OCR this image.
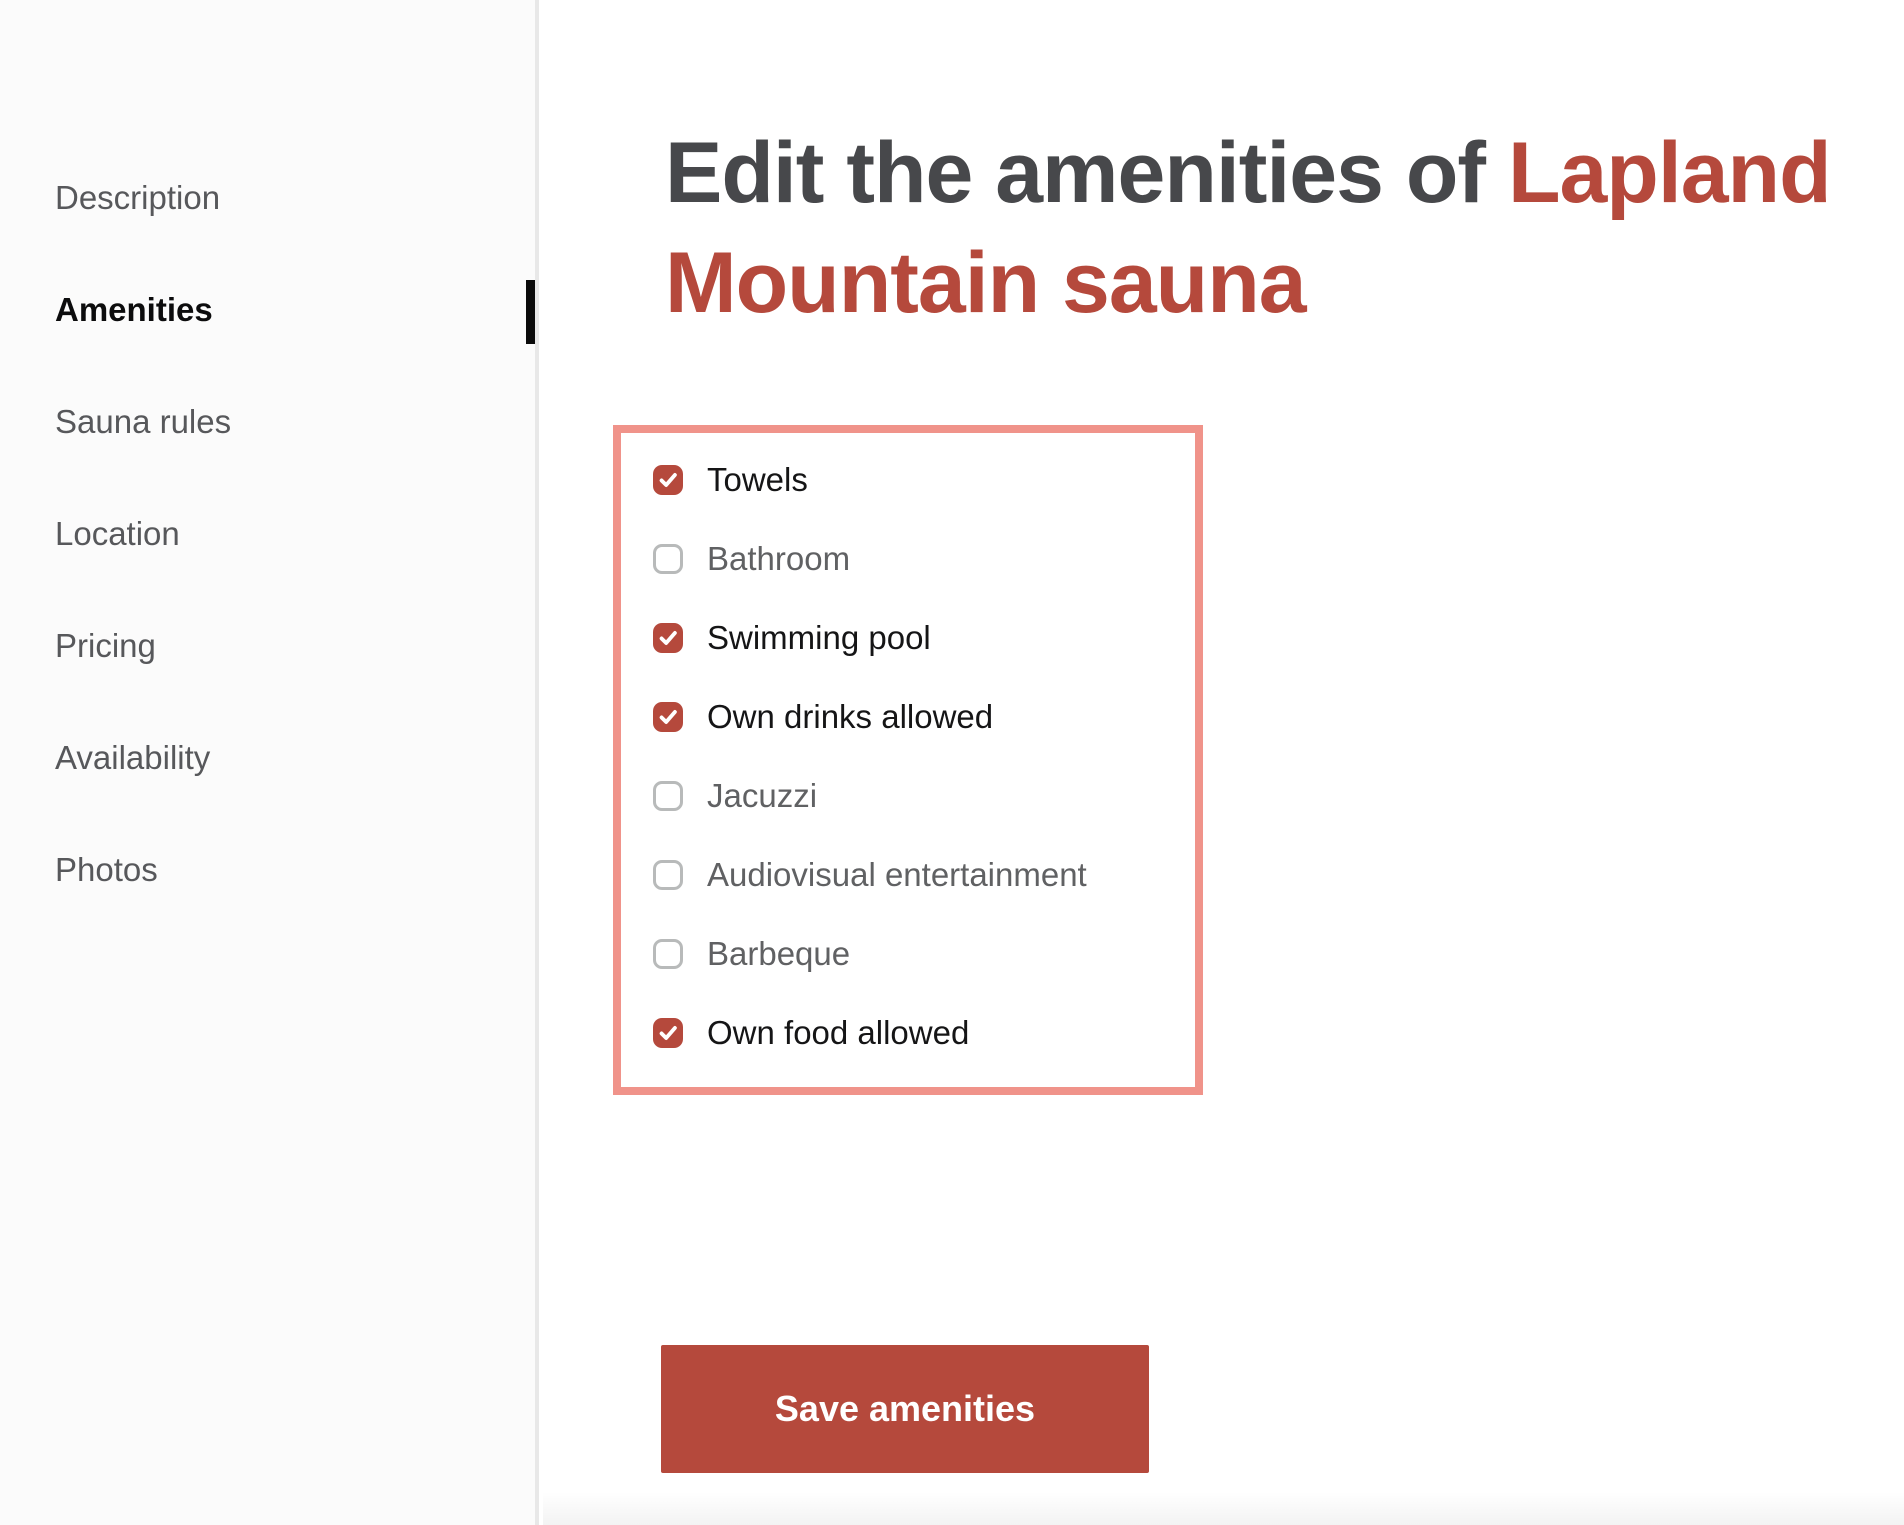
Description
Amenities
Sauna rules
Location
Pricing
Availability
Photos
Edit the amenities of Lapland
Mountain sauna
Towels
Bathroom
Swimming pool
Own drinks allowed
Jacuzzi
Audiovisual entertainment
Barbeque
Own food allowed
Save amenities
